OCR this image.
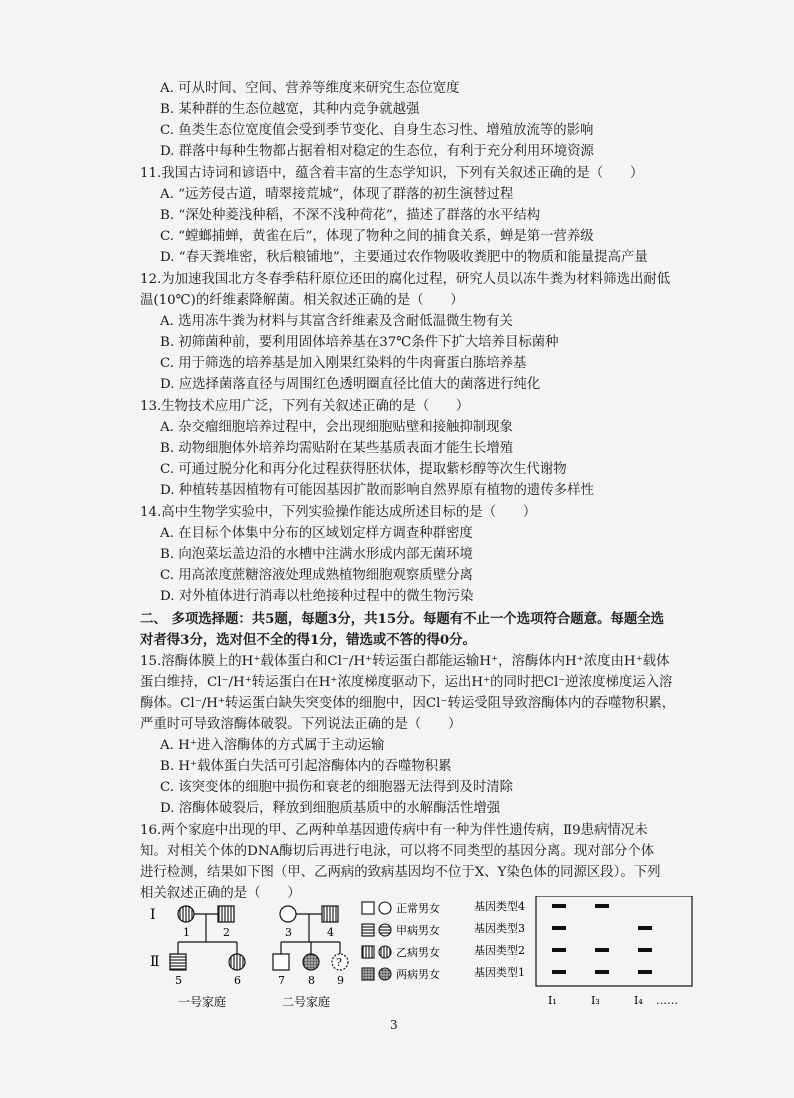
A. 可从时间、空间、营养等维度来研究生态位宽度
B. 某种群的生态位越宽，其种内竞争就越强
C. 鱼类生态位宽度值会受到季节变化、自身生态习性、增殖放流等的影响
D. 群落中每种生物都占据着相对稳定的生态位，有利于充分利用环境资源
11.我国古诗词和谚语中，蕴含着丰富的生态学知识，下列有关叙述正确的是（　　）
A. “远芳侵古道，晴翠接荒城”，体现了群落的初生演替过程
B. “深处种菱浅种稻，不深不浅种荷花”，描述了群落的水平结构
C. “螳螂捕蝉，黄雀在后”，体现了物种之间的捕食关系，蝉是第一营养级
D. “春天粪堆密，秋后粮铺地”，主要通过农作物吸收粪肥中的物质和能量提高产量
12.为加速我国北方冬春季秸秆原位还田的腐化过程，研究人员以冻牛粪为材料筛选出耐低
温(10℃)的纤维素降解菌。相关叙述正确的是（　　）
A. 选用冻牛粪为材料与其富含纤维素及含耐低温微生物有关
B. 初筛菌种前，要利用固体培养基在37℃条件下扩大培养目标菌种
C. 用于筛选的培养基是加入刚果红染料的牛肉膏蛋白胨培养基
D. 应选择菌落直径与周围红色透明圈直径比值大的菌落进行纯化
13.生物技术应用广泛，下列有关叙述正确的是（　　）
A. 杂交瘤细胞培养过程中，会出现细胞贴壁和接触抑制现象
B. 动物细胞体外培养均需贴附在某些基质表面才能生长增殖
C. 可通过脱分化和再分化过程获得胚状体，提取紫杉醇等次生代谢物
D. 种植转基因植物有可能因基因扩散而影响自然界原有植物的遗传多样性
14.高中生物学实验中，下列实验操作能达成所述目标的是（　　）
A. 在目标个体集中分布的区域划定样方调查种群密度
B. 向泡菜坛盖边沿的水槽中注满水形成内部无菌环境
C. 用高浓度蔗糖溶液处理成熟植物细胞观察质壁分离
D. 对外植体进行消毒以杜绝接种过程中的微生物污染
二、 多项选择题：共5题，每题3分，共15分。每题有不止一个选项符合题意。每题全选
对者得3分，选对但不全的得1分，错选或不答的得0分。
15.溶酶体膜上的H⁺载体蛋白和Cl⁻/H⁺转运蛋白都能运输H⁺，溶酶体内H⁺浓度由H⁺载体
蛋白维持，Cl⁻/H⁺转运蛋白在H⁺浓度梯度驱动下，运出H⁺的同时把Cl⁻逆浓度梯度运入溶
酶体。Cl⁻/H⁺转运蛋白缺失突变体的细胞中，因Cl⁻转运受阻导致溶酶体内的吞噬物积累，
严重时可导致溶酶体破裂。下列说法正确的是（　　）
A. H⁺进入溶酶体的方式属于主动运输
B. H⁺载体蛋白失活可引起溶酶体内的吞噬物积累
C. 该突变体的细胞中损伤和衰老的细胞器无法得到及时清除
D. 溶酶体破裂后，释放到细胞质基质中的水解酶活性增强
16.两个家庭中出现的甲、乙两种单基因遗传病中有一种为伴性遗传病，Ⅱ9患病情况未
知。对相关个体的DNA酶切后再进行电泳，可以将不同类型的基因分离。现对部分个体
进行检测，结果如下图（甲、乙两病的致病基因均不位于X、Y染色体的同源区段）。下列
相关叙述正确的是（　　）
Ⅰ
Ⅱ
1	2
5	6
一号家庭
?
3	4
7 8 9
二号家庭
正常男女
甲病男女
乙病男女
两病男女
基因类型4
基因类型3
基因类型2
基因类型1
Ⅰ₁	Ⅰ₃	Ⅰ₄ ……
3
